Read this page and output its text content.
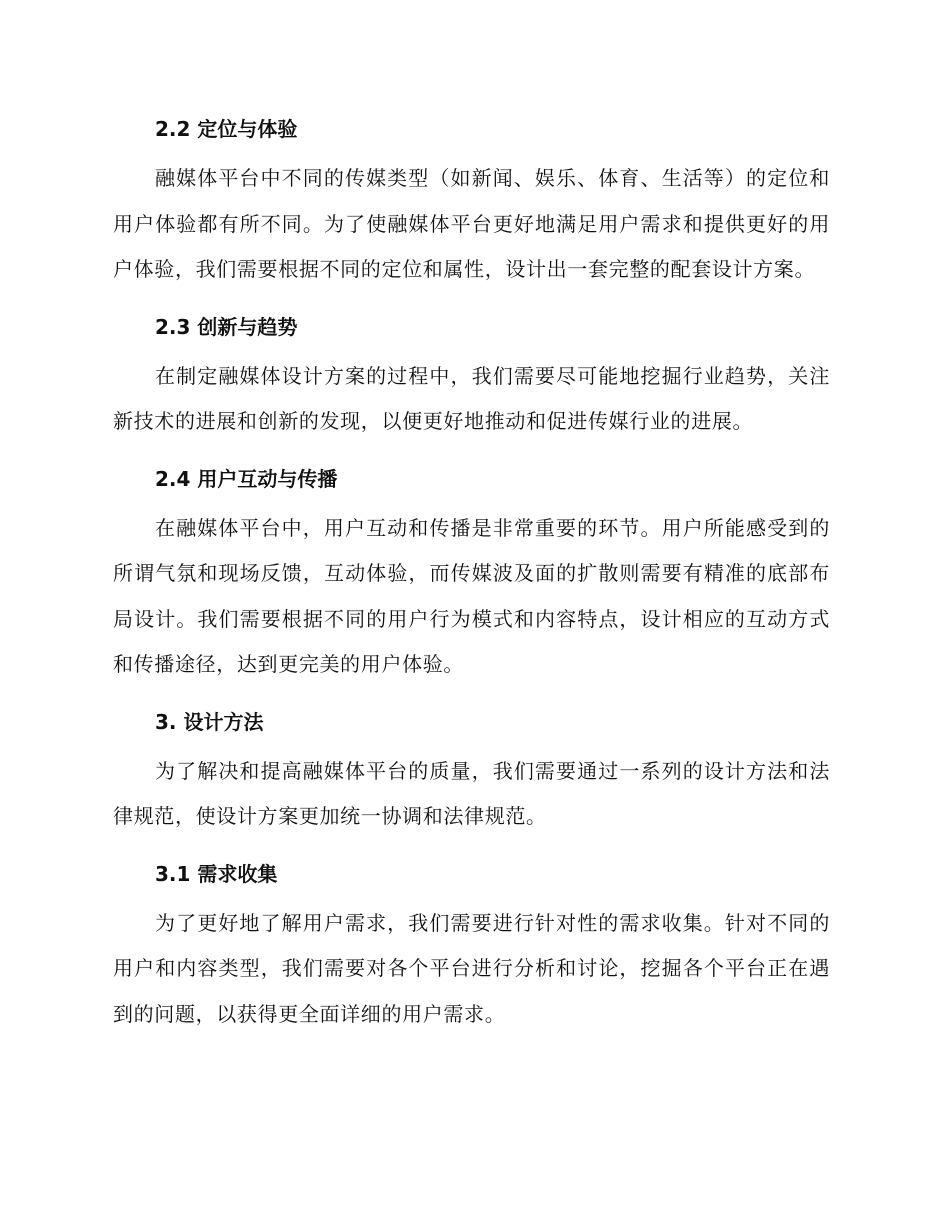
2.2 定位与体验

融媒体平台中不同的传媒类型（如新闻、娱乐、体育、生活等）的定位和用户体验都有所不同。为了使融媒体平台更好地满足用户需求和提供更好的用户体验，我们需要根据不同的定位和属性，设计出一套完整的配套设计方案。

2.3 创新与趋势

在制定融媒体设计方案的过程中，我们需要尽可能地挖掘行业趋势，关注新技术的进展和创新的发现，以便更好地推动和促进传媒行业的进展。

2.4 用户互动与传播

在融媒体平台中，用户互动和传播是非常重要的环节。用户所能感受到的所谓气氛和现场反馈，互动体验，而传媒波及面的扩散则需要有精准的底部布局设计。我们需要根据不同的用户行为模式和内容特点，设计相应的互动方式和传播途径，达到更完美的用户体验。

3. 设计方法

为了解决和提高融媒体平台的质量，我们需要通过一系列的设计方法和法律规范，使设计方案更加统一协调和法律规范。

3.1 需求收集

为了更好地了解用户需求，我们需要进行针对性的需求收集。针对不同的用户和内容类型，我们需要对各个平台进行分析和讨论，挖掘各个平台正在遇到的问题，以获得更全面详细的用户需求。
